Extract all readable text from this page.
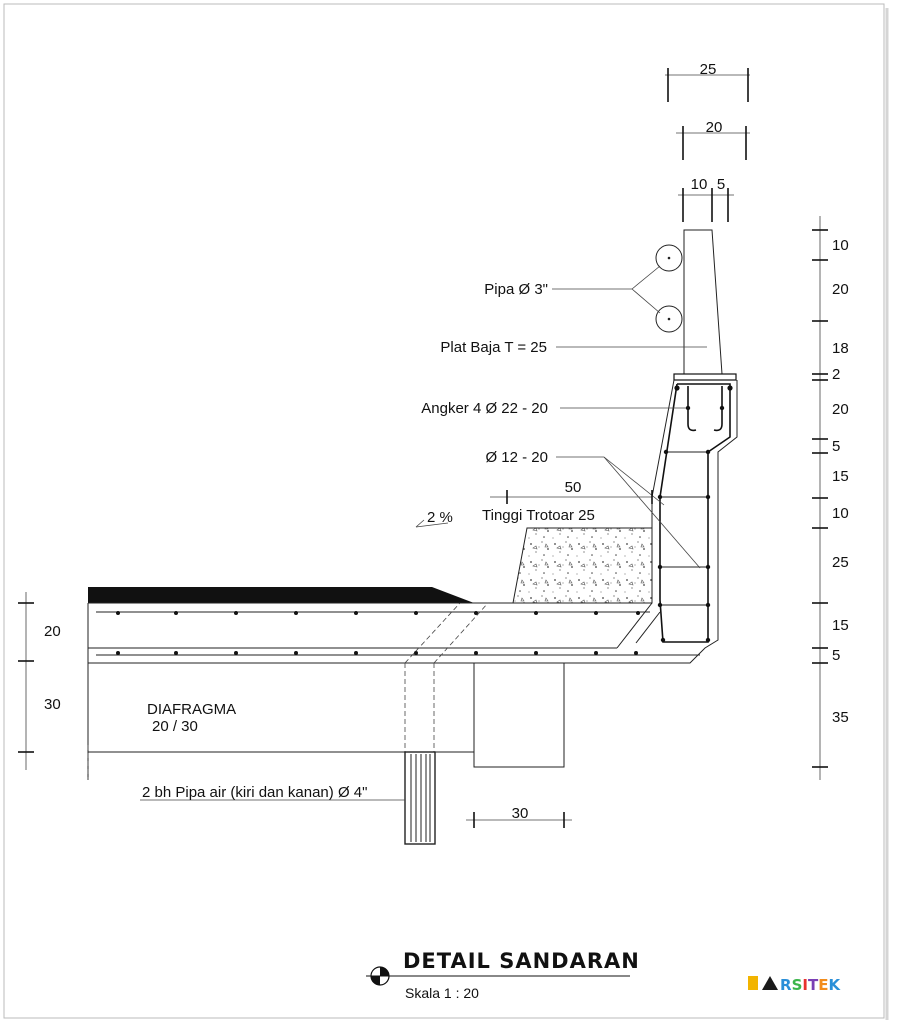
25
20
10 5
10
20
18
2
20
5
15
10
25
15
5
35
20
30
30
Pipa Ø 3"
Plat Baja T = 25
Angker 4 Ø 22 - 20
Ø 12 - 20
50
Tinggi Trotoar 25
2 %
DIAFRAGMA
20 / 30
2 bh Pipa air (kiri dan kanan) Ø 4"
DETAIL SANDARAN
Skala 1 : 20	RSITEK
